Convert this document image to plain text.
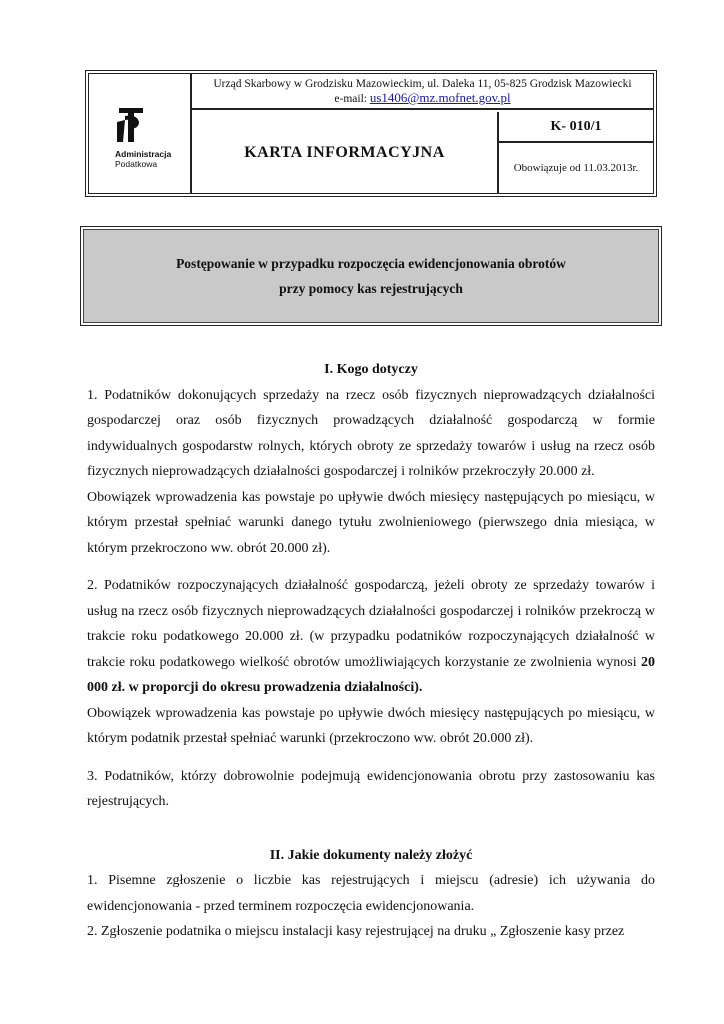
Administracja
Podatkowa
Urząd Skarbowy w Grodzisku Mazowieckim, ul. Daleka 11, 05-825 Grodzisk Mazowiecki
e-mail: us1406@mz.mofnet.gov.pl
KARTA INFORMACYJNA
K- 010/1
Obowiązuje od 11.03.2013r.
Postępowanie w przypadku rozpoczęcia ewidencjonowania obrotów
przy pomocy kas rejestrujących
I. Kogo dotyczy

1. Podatników dokonujących sprzedaży na rzecz osób fizycznych nieprowadzących działalności gospodarczej oraz osób fizycznych prowadzących działalność gospodarczą w formie indywidualnych gospodarstw rolnych, których obroty ze sprzedaży towarów i usług na rzecz osób fizycznych nieprowadzących działalności gospodarczej i rolników przekroczyły 20.000 zł.

Obowiązek wprowadzenia kas powstaje po upływie dwóch miesięcy następujących po miesiącu, w którym przestał spełniać warunki danego tytułu zwolnieniowego (pierwszego dnia miesiąca, w którym przekroczono ww. obrót 20.000 zł).

2. Podatników rozpoczynających działalność gospodarczą, jeżeli obroty ze sprzedaży towarów i usług na rzecz osób fizycznych nieprowadzących działalności gospodarczej i rolników przekroczą w trakcie roku podatkowego 20.000 zł. (w przypadku podatników rozpoczynających działalność w trakcie roku podatkowego wielkość obrotów umożliwiających korzystanie ze zwolnienia wynosi 20 000 zł. w proporcji do okresu prowadzenia działalności).

Obowiązek wprowadzenia kas powstaje po upływie dwóch miesięcy następujących po miesiącu, w którym podatnik przestał spełniać warunki (przekroczono ww. obrót 20.000 zł).

3. Podatników, którzy dobrowolnie podejmują ewidencjonowania obrotu przy zastosowaniu kas rejestrujących.

II. Jakie dokumenty należy złożyć

1. Pisemne zgłoszenie o liczbie kas rejestrujących i miejscu (adresie) ich używania do ewidencjonowania - przed terminem rozpoczęcia ewidencjonowania.

2. Zgłoszenie podatnika o miejscu instalacji kasy rejestrującej na druku „ Zgłoszenie kasy przez
